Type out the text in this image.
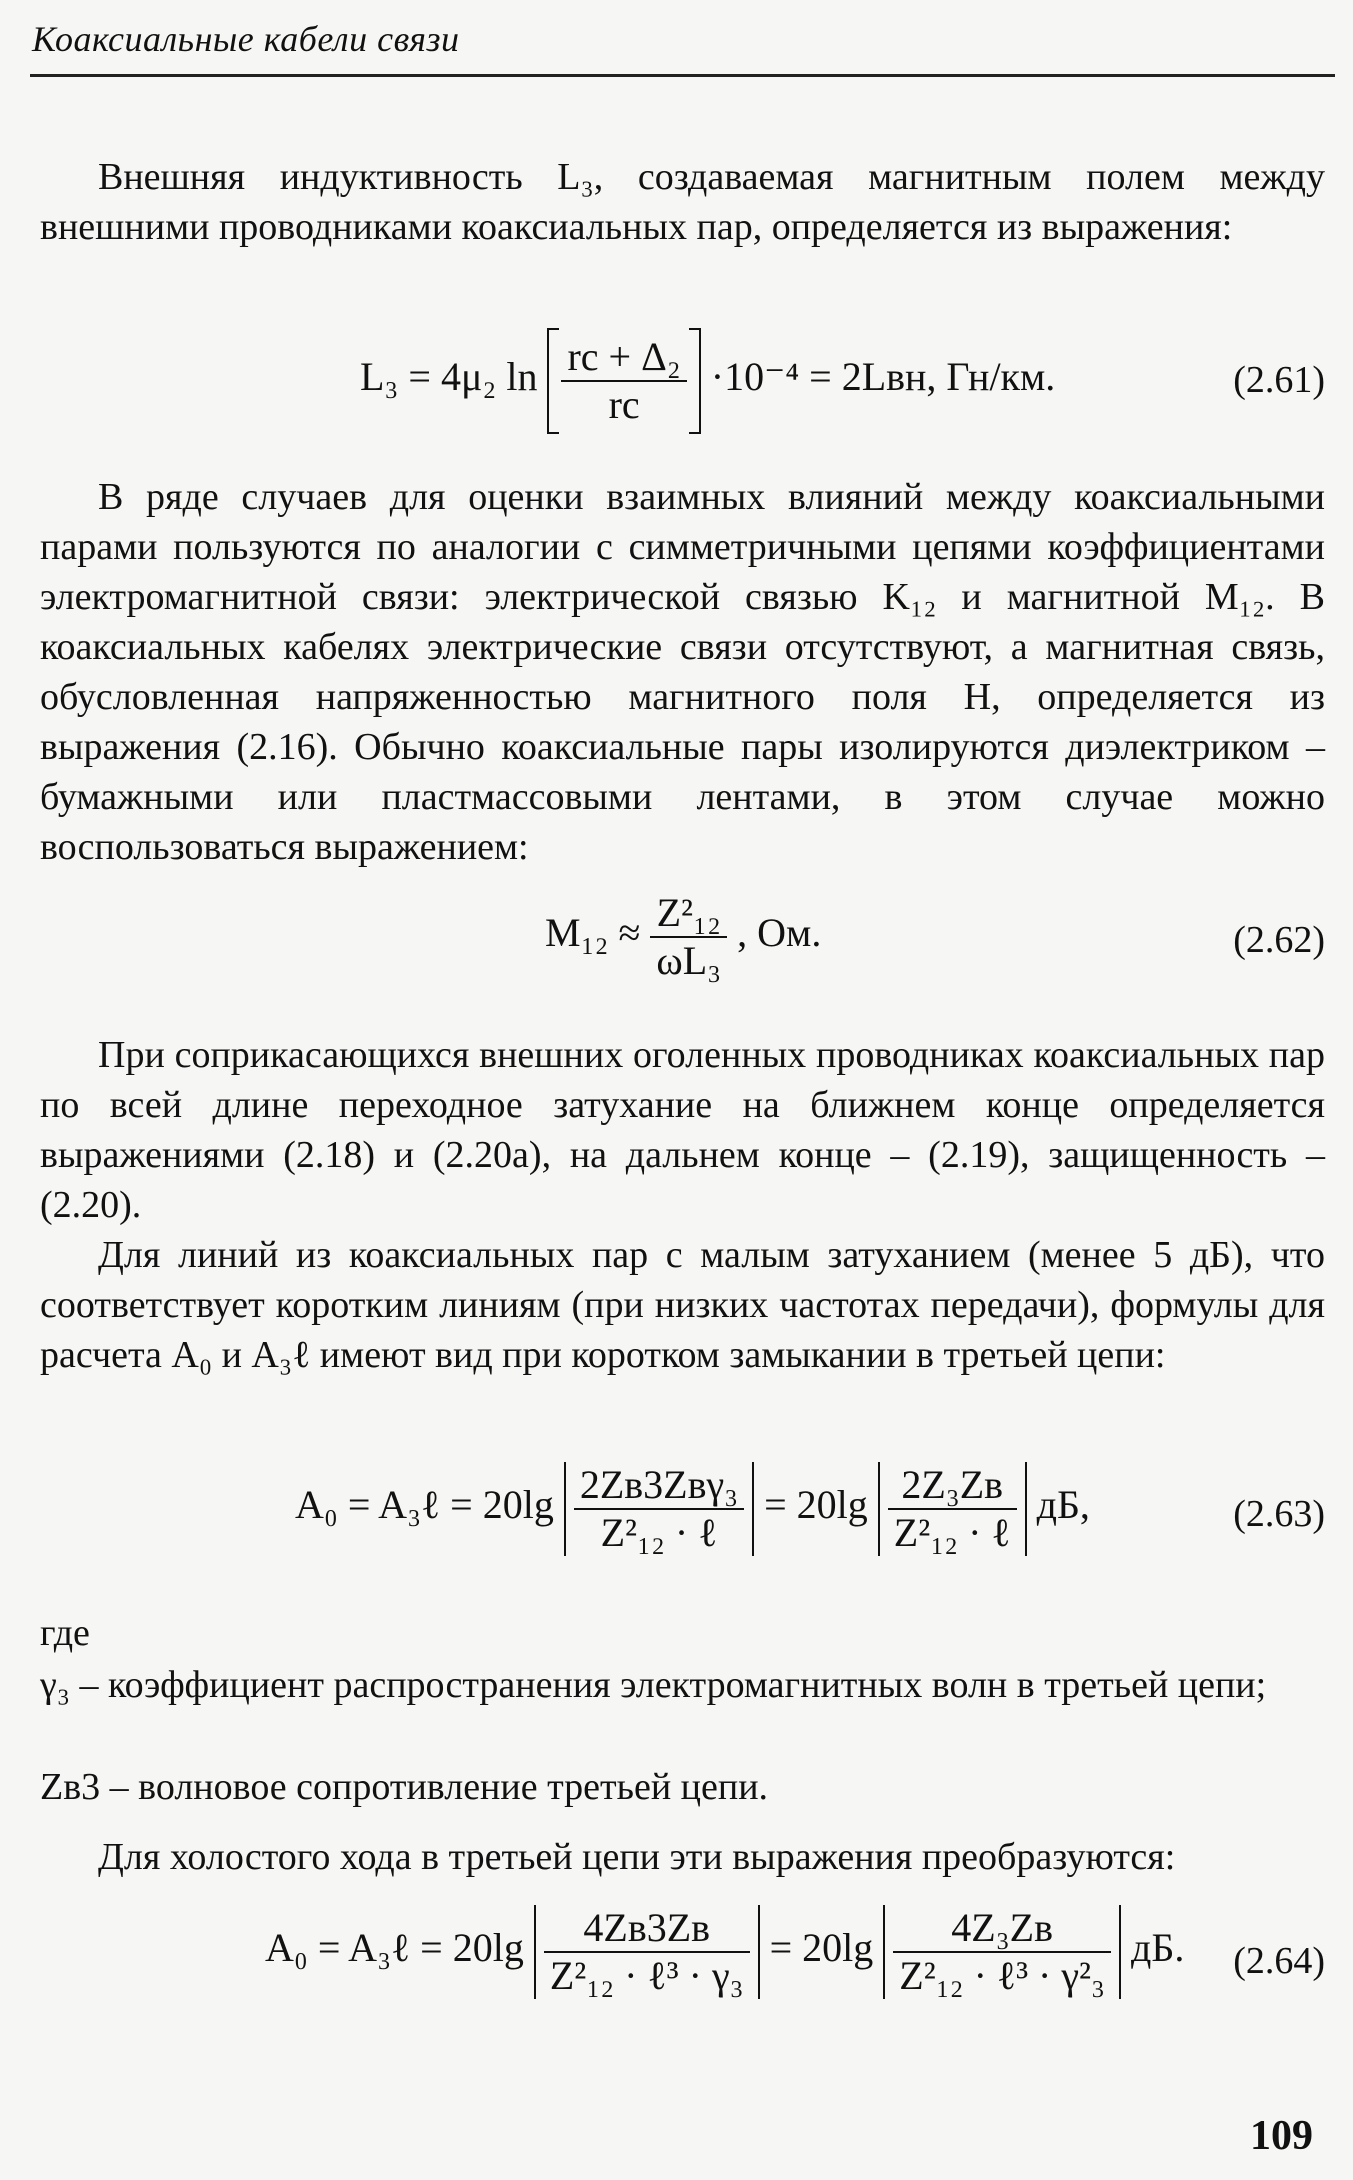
Коаксиальные кабели связи
Внешняя индуктивность L₃, создаваемая магнитным полем между внешними проводниками коаксиальных пар, определяется из выражения:
L₃ = 4μ₂ $\ln \frac{\text{rc + Δ₂}}{rc} \cdot 10^{-4} = 2Lвн$, Гн/км.	(2.61)
В ряде случаев для оценки взаимных влияний между коаксиальными парами пользуются по аналогии с симметричными цепями коэффициентами электромагнитной связи: электрической связью K₁₂ и магнитной M₁₂. В коаксиальных кабелях электрические связи отсутствуют, а магнитная связь, обусловленная напряженностью магнитного поля H, определяется из выражения (2.16). Обычно коаксиальные пары изолируются диэлектриком – бумажными или пластмассовыми лентами, в этом случае можно воспользоваться выражением:
$M_{12} \approx \frac{\text{Z²₁₂}}{\text{ωL₃}}$ , Ом.	(2.62)
При соприкасающихся внешних оголенных проводниках коаксиальных пар по всей длине переходное затухание на ближнем конце определяется выражениями (2.18) и (2.20а), на дальнем конце – (2.19), защищенность – (2.20).
Для линий из коаксиальных пар с малым затуханием (менее 5 дБ), что соответствует коротким линиям (при низких частотах передачи), формулы для расчета A₀ и A₃ℓ имеют вид при коротком замыкании в третьей цепи:
A₀ = A₃ℓ = $20\lg \frac{\text{2Zв3Zвγ₃}}{\text{Z²₁₂ · ℓ}} = 20\lg \frac{\text{2Z₃Zв}}{\text{Z²₁₂ · ℓ}}$ дБ,	(2.63)
где
γ₃ – коэффициент распространения электромагнитных волн в третьей цепи;
Zв3 – волновое сопротивление третьей цепи.
Для холостого хода в третьей цепи эти выражения преобразуются:
A₀ = A₃ℓ = $20\lg \frac{4Zв3Zв}{\text{Z²₁₂ · ℓ³ · γ₃}} = 20\lg \frac{\text{4Z₃Zв}}{\text{Z²₁₂ · ℓ³ · γ²₃}}$ дБ. (2.64)
109
